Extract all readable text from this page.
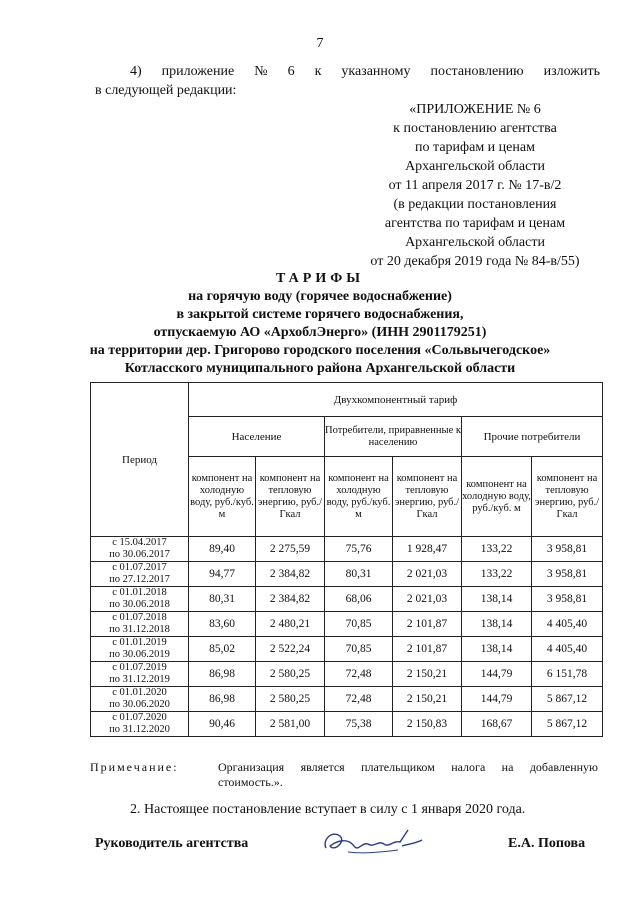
7
4) приложение № 6 к указанному постановлению изложить
в следующей редакции:
«ПРИЛОЖЕНИЕ № 6
к постановлению агентства
по тарифам и ценам
Архангельской области
от 11 апреля 2017 г. № 17-в/2
(в редакции постановления
агентства по тарифам и ценам
Архангельской области
от 20 декабря 2019 года № 84-в/55)
ТАРИФЫ
на горячую воду (горячее водоснабжение)
в закрытой системе горячего водоснабжения,
отпускаемую АО «АрхоблЭнерго» (ИНН 2901179251)
на территории дер. Григорово городского поселения «Сольвычегодское»
Котласского муниципального района Архангельской области
Период	Двухкомпонентный тариф					
	Население		Потребители, приравненные к населению		Прочие потребители	
	компонент на холодную воду, руб./куб. м	компонент на тепловую энергию, руб./Гкал	компонент на холодную воду, руб./куб. м	компонент на тепловую энергию, руб./Гкал	компонент на холодную воду, руб./куб. м	компонент на тепловую энергию, руб./Гкал

с 15.04.2017
по 30.06.2017	89,40	2 275,59	75,76	1 928,47	133,22	3 958,81

с 01.07.2017
по 27.12.2017	94,77	2 384,82	80,31	2 021,03	133,22	3 958,81

с 01.01.2018
по 30.06.2018	80,31	2 384,82	68,06	2 021,03	138,14	3 958,81

с 01.07.2018
по 31.12.2018	83,60	2 480,21	70,85	2 101,87	138,14	4 405,40

с 01.01.2019
по 30.06.2019	85,02	2 522,24	70,85	2 101,87	138,14	4 405,40

с 01.07.2019
по 31.12.2019	86,98	2 580,25	72,48	2 150,21	144,79	6 151,78

с 01.01.2020
по 30.06.2020	86,98	2 580,25	72,48	2 150,21	144,79	5 867,12

с 01.07.2020
по 31.12.2020	90,46	2 581,00	75,38	2 150,83	168,67	5 867,12
Примечание:	Организация является плательщиком налога на добавленную стоимость.».
2. Настоящее постановление вступает в силу с 1 января 2020 года.
Руководитель агентства	Е.А. Попова
